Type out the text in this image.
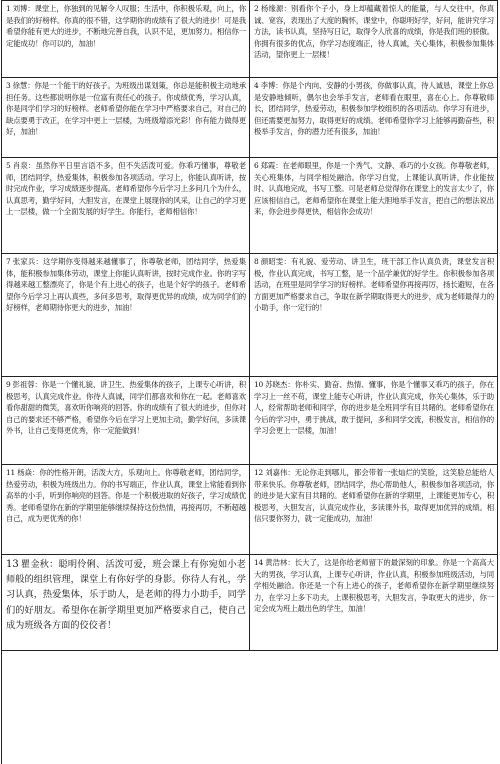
1 刘博：课堂上，你独到的见解令人叹服；生活中，你积极乐观，向上，你是我们的好榜样。你真的很不错，这学期你的成绩有了很大的进步！可是我希望你能有更大的进步，不断地完善自我，认识不足，更加努力。相信你一定能成功！你可以的，加油！
2 杨缘源：别看你个子小，身上却蕴藏着惊人的能量，与人交往中，你真诚、宽容，表现出了大度的胸怀，课堂中，你聪明好学，好问，能讲究学习方法，读书认真，坚持写日记，取得令人欣喜的成绩，你是我们班的骄傲。你拥有很多的优点，你学习态度端正，待人真诚，关心集体，积极参加集体活动，望你更上一层楼！
3 徐慧：你是一个能干的好孩子。为班级出谋划策，你总是能积极主动地承担任务。这些都说明你是一位富有责任心的孩子。你成绩优秀，学习认真，你是同学们学习的好榜样。老师希望你能在学习中严格要求自己，对自己的缺点要勇于改正，在学习中更上一层楼，为班级增添光彩！你有能力做得更好，加油！
4 李博：你是个内向、安静的小男孩，你做事认真，待人诚恳，课堂上你总是安静地倾听，偶尔也会举手发言，老师看在眼里，喜在心上。你尊敬师长，团结同学，热爱劳动，积极参加学校组织的各项活动。你学习有进步，但还需要更加努力，取得更好的成绩。老师希望你学习上能够再勤奋些，积极举手发言，你的潜力还有很多，加油！
5 肖泉：虽然你平日里言语不多，但不失活泼可爱。你乖巧懂事，尊敬老师，团结同学，热爱集体，积极参加各项活动。学习上，你能认真听讲，按时完成作业，学习成绩逐步提高。老师希望你今后学习上多问几个为什么，认真思考，勤学好问，大胆发言，在课堂上展现你的风采，让自己的学习更上一层楼，做一个全面发展的好学生。你能行，老师相信你！
6 郑霞：在老师眼里，你是一个秀气、文静、乖巧的小女孩。你尊敬老师，关心班集体，与同学相处融洽。你学习自觉，上课能认真听讲，作业能按时、认真地完成，书写工整。可是老师总觉得你在课堂上的发言太少了，你应该相信自己，老师希望你在课堂上能大胆地举手发言，把自己的想法说出来，你会进步得更快，相信你会成功！
7 张家兵：这学期你变得越来越懂事了，你尊敬老师，团结同学，热爱集体，能积极参加集体劳动，课堂上你能认真听讲，按时完成作业。你的字写得越来越工整漂亮了，你是个有上进心的孩子，也是个好学的孩子。老师希望你今后学习上再认真些，多问多思考，取得更优异的成绩，成为同学们的好榜样，老师期待你更大的进步，加油！
8 颜昭雯：有礼貌、爱劳动、讲卫生，班干部工作认真负责，课堂发言积极，作业认真完成，书写工整，是一个品学兼优的好学生。你积极参加各项活动，在班里是同学学习的好榜样。老师希望你再接再厉，扬长避短，在各方面更加严格要求自己，争取在新学期取得更大的进步，成为老师最得力的小助手，你一定行的！
9 彭祖蓉：你是一个懂礼貌、讲卫生、热爱集体的孩子，上课专心听讲，积极思考，认真完成作业。你待人真诚，同学们都喜欢和你在一起。老师喜欢看你甜甜的微笑，喜欢听你响亮的回答。你的成绩有了很大的进步，但你对自己的要求还不够严格，希望你今后在学习上更加主动，勤学好问，多读课外书，让自己变得更优秀，你一定能做到！
10 苏晓杰：你朴实、勤奋、热情、懂事，你是个懂事又乖巧的孩子，你在学习上一丝不苟，课堂上能专心听讲，作业认真完成，你关心集体，乐于助人，经常帮助老师和同学，你的进步是全班同学有目共睹的。老师希望你在今后的学习中，勇于挑战，敢于提问，多和同学交流，积极发言，相信你的学习会更上一层楼，加油！
11 杨焱：你的性格开朗，活泼大方，乐观向上。你尊敬老师，团结同学，热爱劳动，积极为班级出力。你的书写端正，作业认真，课堂上常能看到你高举的小手，听到你响亮的回答。你是一个积极进取的好孩子，学习成绩优秀。老师希望你在新的学期里能够继续保持这份热情，再接再厉，不断超越自己，成为更优秀的你！
12 刘嘉伟：无论你走到哪儿，都会带着一张灿烂的笑脸，这笑脸总能给人带来快乐。你尊敬老师，团结同学，热心帮助他人，积极参加各项活动，你的进步是大家有目共睹的。老师希望你在新的学期里，上课能更加专心，积极思考，大胆发言，认真完成作业，多读课外书，取得更加优异的成绩。相信只要你努力，就一定能成功，加油！
13 瞿金秋：聪明伶俐、活泼可爱，班会课上有你宛如小老师般的组织管理，课堂上有你好学的身影。你待人有礼，学习认真，热爱集体，乐于助人，是老师的得力小助手，同学们的好朋友。希望你在新学期里更加严格要求自己，使自己成为班级各方面的佼佼者！
14 黄浩林：长大了，这是你给老师留下的最深刻的印象。你是一个高高大大的男孩，学习认真，上课专心听讲，作业认真，积极参加班级活动，与同学相处融洽。你还是一个有上进心的孩子，老师希望你在新学期里继续努力，在学习上多下功夫，上课积极思考，大胆发言，争取更大的进步，你一定会成为班上最出色的学生，加油！
